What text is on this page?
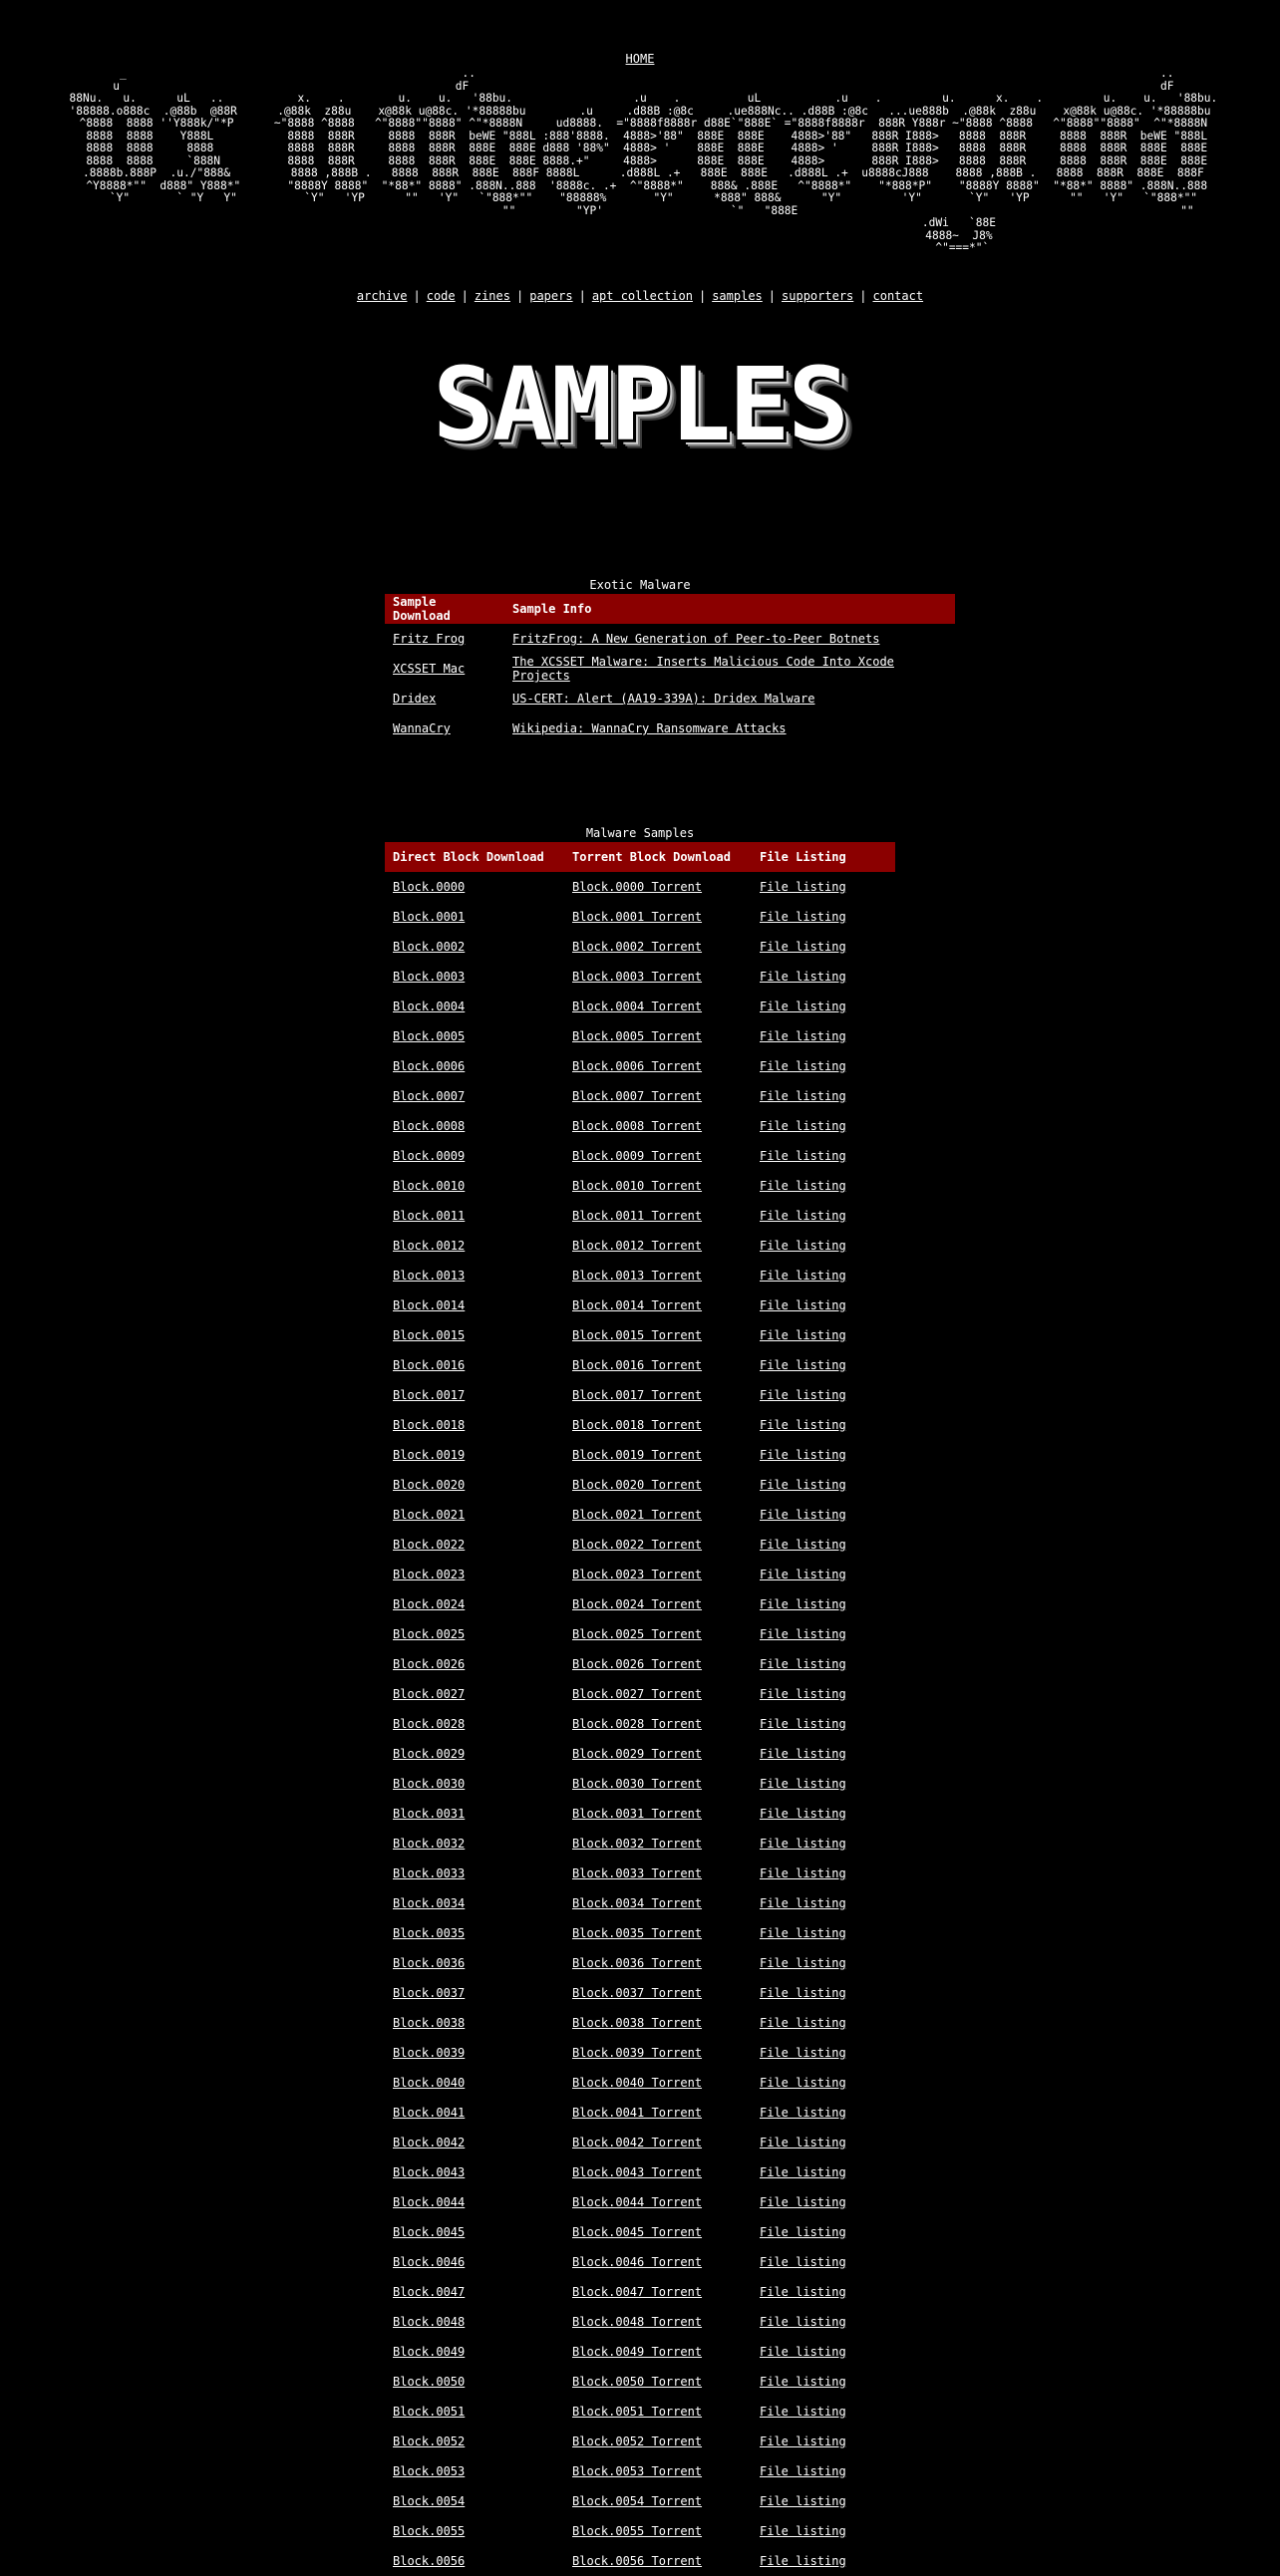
HOME
_                                                  ..                                                                                                      ..
u                                                  dF                                                                                                       dF
88Nu.   u.      uL   ..           x.    .        u.    u.   '88bu.                  .u    .          uL           .u    .         u.      x.    .         u.    u.   '88bu.
'88888.o888c  .@88b  @88R      .@88k  z88u    x@88k u@88c. '*88888bu        .u     .d88B :@8c     .ue888Nc.. .d88B :@8c   ...ue888b  .@88k  z88u    x@88k u@88c. '*88888bu
^8888  8888 ''Y888k/"*P      ~"8888 ^8888   ^"8888""8888" ^"*8888N     ud8888.  ="8888f8888r d88E`"888E` ="8888f8888r  888R Y888r ~"8888 ^8888   ^"8888""8888"  ^"*8888N
8888  8888    Y888L           8888  888R     8888  888R  beWE "888L :888'8888.  4888>'88"  888E  888E    4888>'88"   888R I888>   8888  888R     8888  888R  beWE "888L
8888  8888     8888           8888  888R     8888  888R  888E  888E d888 '88%"  4888> '    888E  888E    4888> '     888R I888>   8888  888R     8888  888R  888E  888E
8888  8888     `888N          8888  888R     8888  888R  888E  888E 8888.+"     4888>      888E  888E    4888>       888R I888>   8888  888R     8888  888R  888E  888E
.8888b.888P  .u./"888&         8888 ,888B .   8888  888R  888E  888F 8888L      .d888L .+   888E  888E   .d888L .+  u8888cJ888    8888 ,888B .   8888  888R  888E  888F
^Y8888*""  d888" Y888*"       "8888Y 8888"  "*88*" 8888" .888N..888  '8888c. .+  ^"8888*"    888& .888E   ^"8888*"    "*888*P"    "8888Y 8888"  "*88*" 8888" .888N..888
`Y"       ` "Y   Y"          `Y"   'YP      ""   'Y"   `"888*""    "88888%       "Y"      *888" 888&      "Y"         'Y"       `Y"   'YP      ""   'Y"   `"888*""
""         "YP'                   `"   "888E                                                         ""
.dWi   `88E
4888~  J8%
^"===*"`
archive | code | zines | papers | apt collection | samples | supporters | contact
SAMPLES
Exotic Malware
Sample Download	Sample Info
Fritz Frog	FritzFrog: A New Generation of Peer-to-Peer Botnets
XCSSET Mac	The XCSSET Malware: Inserts Malicious Code Into Xcode Projects
Dridex	US-CERT: Alert (AA19-339A): Dridex Malware
WannaCry	Wikipedia: WannaCry Ransomware Attacks
Malware Samples
Direct Block Download	Torrent Block Download	File Listing
Block.0000	Block.0000 Torrent	File listing
Block.0001	Block.0001 Torrent	File listing
Block.0002	Block.0002 Torrent	File listing
Block.0003	Block.0003 Torrent	File listing
Block.0004	Block.0004 Torrent	File listing
Block.0005	Block.0005 Torrent	File listing
Block.0006	Block.0006 Torrent	File listing
Block.0007	Block.0007 Torrent	File listing
Block.0008	Block.0008 Torrent	File listing
Block.0009	Block.0009 Torrent	File listing
Block.0010	Block.0010 Torrent	File listing
Block.0011	Block.0011 Torrent	File listing
Block.0012	Block.0012 Torrent	File listing
Block.0013	Block.0013 Torrent	File listing
Block.0014	Block.0014 Torrent	File listing
Block.0015	Block.0015 Torrent	File listing
Block.0016	Block.0016 Torrent	File listing
Block.0017	Block.0017 Torrent	File listing
Block.0018	Block.0018 Torrent	File listing
Block.0019	Block.0019 Torrent	File listing
Block.0020	Block.0020 Torrent	File listing
Block.0021	Block.0021 Torrent	File listing
Block.0022	Block.0022 Torrent	File listing
Block.0023	Block.0023 Torrent	File listing
Block.0024	Block.0024 Torrent	File listing
Block.0025	Block.0025 Torrent	File listing
Block.0026	Block.0026 Torrent	File listing
Block.0027	Block.0027 Torrent	File listing
Block.0028	Block.0028 Torrent	File listing
Block.0029	Block.0029 Torrent	File listing
Block.0030	Block.0030 Torrent	File listing
Block.0031	Block.0031 Torrent	File listing
Block.0032	Block.0032 Torrent	File listing
Block.0033	Block.0033 Torrent	File listing
Block.0034	Block.0034 Torrent	File listing
Block.0035	Block.0035 Torrent	File listing
Block.0036	Block.0036 Torrent	File listing
Block.0037	Block.0037 Torrent	File listing
Block.0038	Block.0038 Torrent	File listing
Block.0039	Block.0039 Torrent	File listing
Block.0040	Block.0040 Torrent	File listing
Block.0041	Block.0041 Torrent	File listing
Block.0042	Block.0042 Torrent	File listing
Block.0043	Block.0043 Torrent	File listing
Block.0044	Block.0044 Torrent	File listing
Block.0045	Block.0045 Torrent	File listing
Block.0046	Block.0046 Torrent	File listing
Block.0047	Block.0047 Torrent	File listing
Block.0048	Block.0048 Torrent	File listing
Block.0049	Block.0049 Torrent	File listing
Block.0050	Block.0050 Torrent	File listing
Block.0051	Block.0051 Torrent	File listing
Block.0052	Block.0052 Torrent	File listing
Block.0053	Block.0053 Torrent	File listing
Block.0054	Block.0054 Torrent	File listing
Block.0055	Block.0055 Torrent	File listing
Block.0056	Block.0056 Torrent	File listing
